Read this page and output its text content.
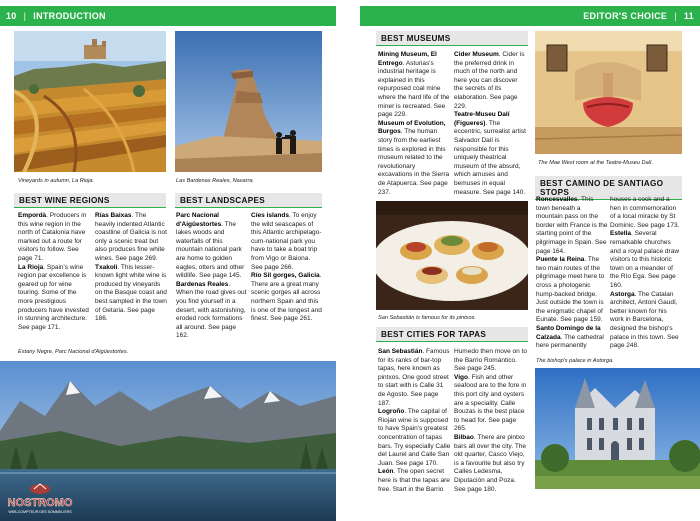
10 | INTRODUCTION
Vineyards in autumn, La Rioja.	Las Bardenas Reales, Navarra.
BEST WINE REGIONS
Empordà. Producers in this wine region in the north of Catalonia have marked out a route for visitors to follow. See page 71.
La Rioja. Spain's wine region par excellence is geared up for wine touring. Some of the more prestigious producers have invested in stunning architecture. See page 171.
Rías Baixas. The heavily indented Atlantic coastline of Galicia is not only a scenic treat but also produces fine white wines. See page 269.
Txakoli. This lesser-known light white wine is produced by vineyards on the Basque coast and best sampled in the town of Getaria. See page 186.
BEST LANDSCAPES
Parc Nacional d'Aigüestortes. The lakes woods and waterfalls of this mountain national park are home to golden eagles, otters and other wildlife. See page 145.
Bardenas Reales. When the road gives out you find yourself in a desert, with astonishing, eroded rock formations all around. See page 162.
Cíes islands. To enjoy the wild seascapes of this Atlantic archipelago-cum-national park you have to take a boat trip from Vigo or Baiona. See page 266.
Río Sil gorges, Galicia. There are a great many scenic gorges all across northern Spain and this is one of the longest and finest. See page 261.
Estany Negre, Parc Nacional d'Aigüestortes.
NOSTROMO
WEB-COMPTEUR DES SOMMELIERS
EDITOR'S CHOICE | 11
BEST MUSEUMS
Mining Museum, El Entrego. Asturias's industrial heritage is explained in this repurposed coal mine where the hard life of the miner is recreated. See page 229.
Museum of Evolution, Burgos. The human story from the earliest times is explored in this museum related to the revolutionary excavations in the Sierra de Atapuerca. See page 237.
Cider Museum. Cider is the preferred drink in much of the north and here you can discover the secrets of its elaboration. See page 229.
Teatre-Museu Dalí (Figueres). The eccentric, surrealist artist Salvador Dalí is responsible for this uniquely theatrical museum of the absurd, which amuses and bemuses in equal measure. See page 140.
The Mae West room at the Teatre-Museu Dalí.
BEST CAMINO DE SANTIAGO STOPS
Roncesvalles. This town beneath a mountain pass on the border with France is the starting point of the pilgrimage in Spain. See page 164.
Puente la Reina. The two main routes of the pilgrimage meet here to cross a photogenic hump-backed bridge. Just outside the town is the enigmatic chapel of Eunate. See page 159.
Santo Domingo de la Calzada. The cathedral here permanently
houses a cock and a hen in commemoration of a local miracle by St Dominic. See page 173.
Estella. Several remarkable churches and a royal palace draw visitors to this historic town on a meander of the Río Ega. See page 160.
Astorga. The Catalan architect, Antoni Gaudí, better known for his work in Barcelona, designed the bishop's palace in this town. See page 248.
San Sebastián is famous for its pintxos.
BEST CITIES FOR TAPAS
San Sebastián. Famous for its ranks of bar-top tapas, here known as pintxos. One good street to start with is Calle 31 de Agosto. See page 187.
Logroño. The capital of Riojan wine is supposed to have Spain's greatest concentration of tapas bars. Try especially Calle del Laurel and Calle San Juan. See page 170.
León. The open secret here is that the tapas are free. Start in the Barrio
Humedo then move on to the Barrio Romántico. See page 245.
Vigo. Fish and other seafood are to the fore in this port city and oysters are a speciality. Calle Bouzas is the best place to head for. See page 265.
Bilbao. There are pintxo bars all over the city. The old quarter, Casco Viejo, is a favourite but also try Calles Ledesma, Diputación and Poza. See page 180.
The bishop's palace in Astorga.
